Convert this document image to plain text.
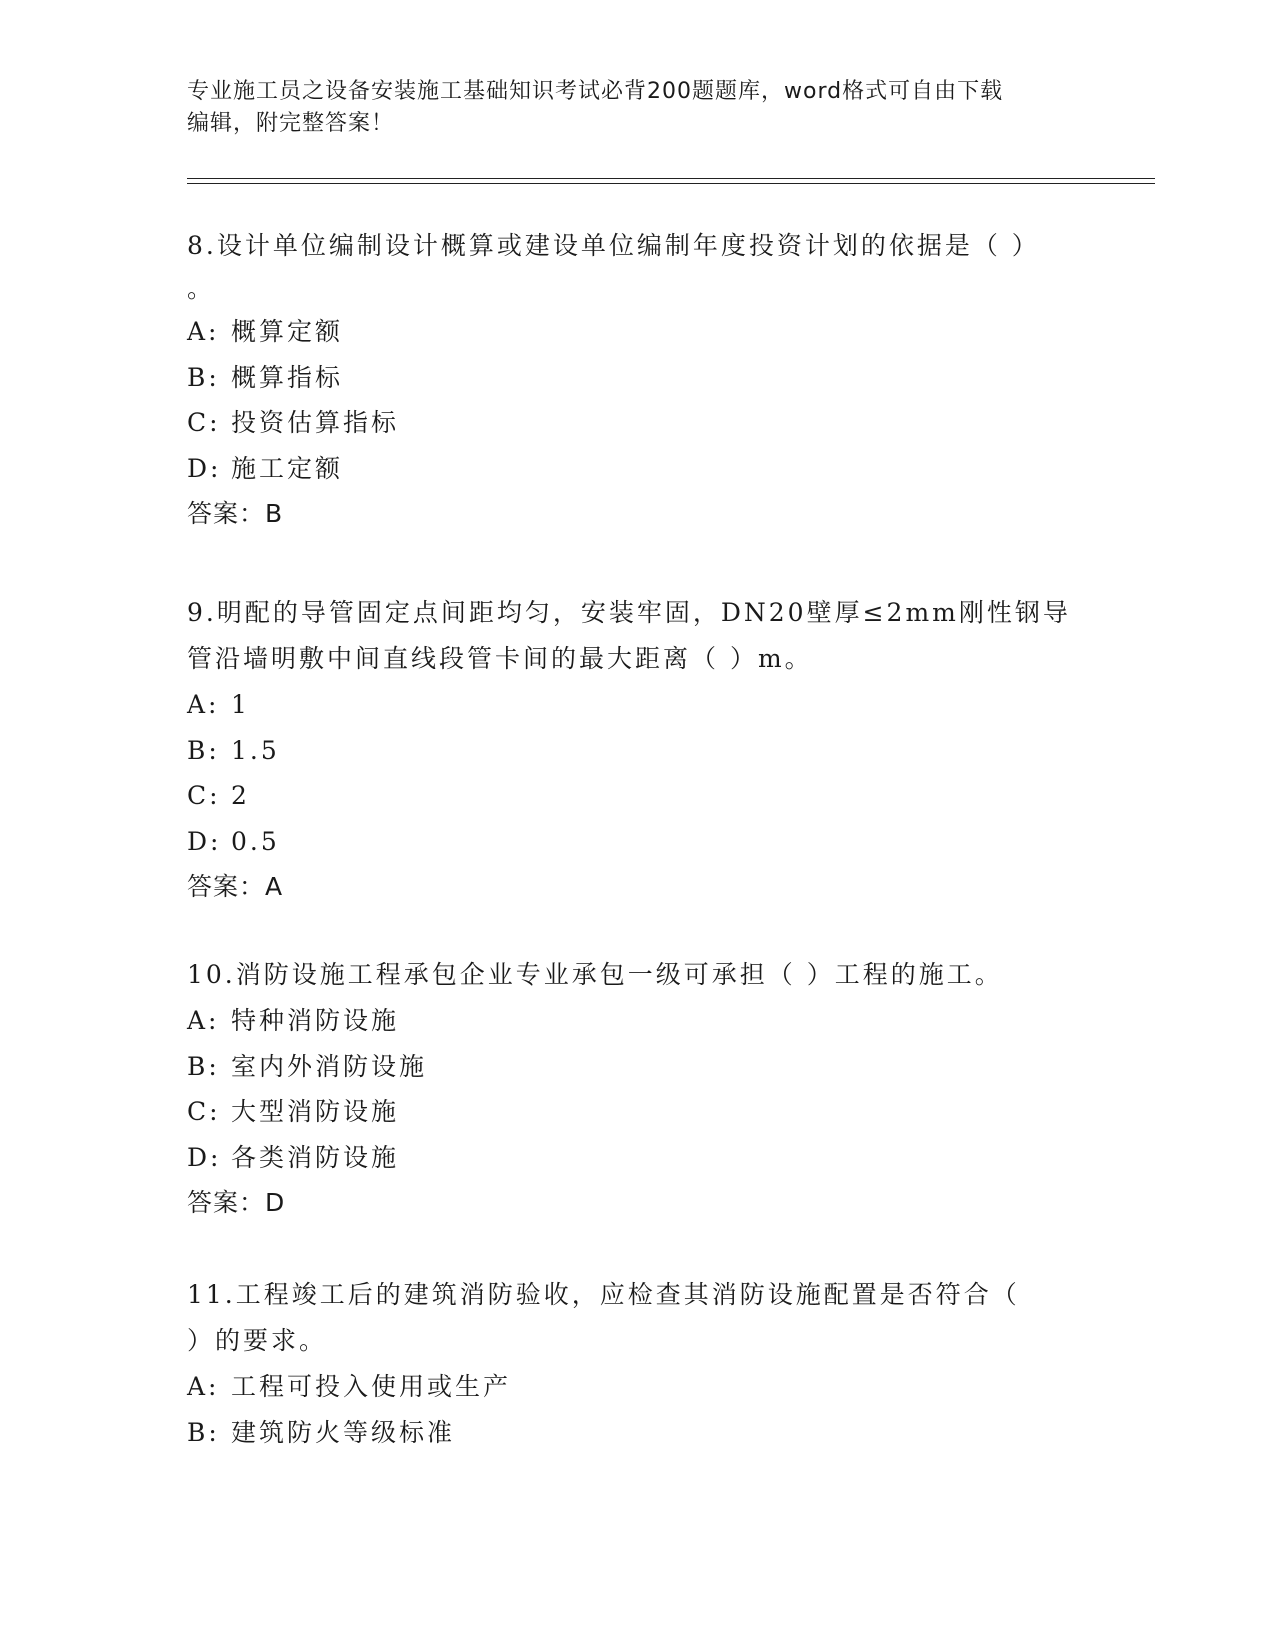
专业施工员之设备安装施工基础知识考试必背200题题库，word格式可自由下载
编辑，附完整答案！
8.设计单位编制设计概算或建设单位编制年度投资计划的依据是（ ）
。
A: 概算定额
B: 概算指标
C: 投资估算指标
D: 施工定额
答案：B
9.明配的导管固定点间距均匀，安装牢固，DN20壁厚≤2mm刚性钢导
管沿墙明敷中间直线段管卡间的最大距离（ ）m。
A: 1
B: 1.5
C: 2
D: 0.5
答案：A
10.消防设施工程承包企业专业承包一级可承担（ ）工程的施工。
A: 特种消防设施
B: 室内外消防设施
C: 大型消防设施
D: 各类消防设施
答案：D
11.工程竣工后的建筑消防验收，应检查其消防设施配置是否符合（
）的要求。
A: 工程可投入使用或生产
B: 建筑防火等级标准
